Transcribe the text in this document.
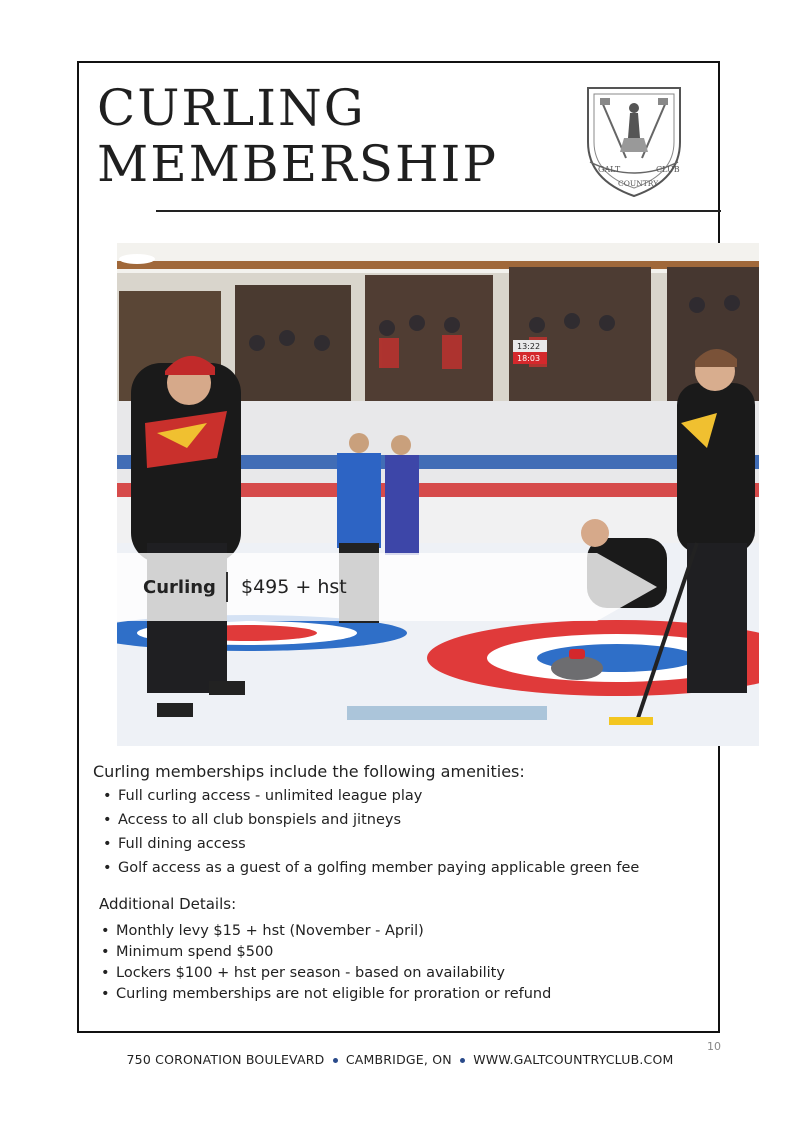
CURLING
MEMBERSHIP	GALT
COUNTRY
CLUB
13:22
18:03
Curling $495 + hst
Curling memberships include the following amenities:
• Full curling access - unlimited league play
• Access to all club bonspiels and jitneys
• Full dining access
• Golf access as a guest of a golfing member paying applicable green fee
Additional Details:
• Monthly levy $15 + hst (November - April)
• Minimum spend $500
• Lockers $100 + hst per season - based on availability
• Curling memberships are not eligible for proration or refund
10
750 CORONATION BOULEVARD CAMBRIDGE, ON WWW.GALTCOUNTRYCLUB.COM
